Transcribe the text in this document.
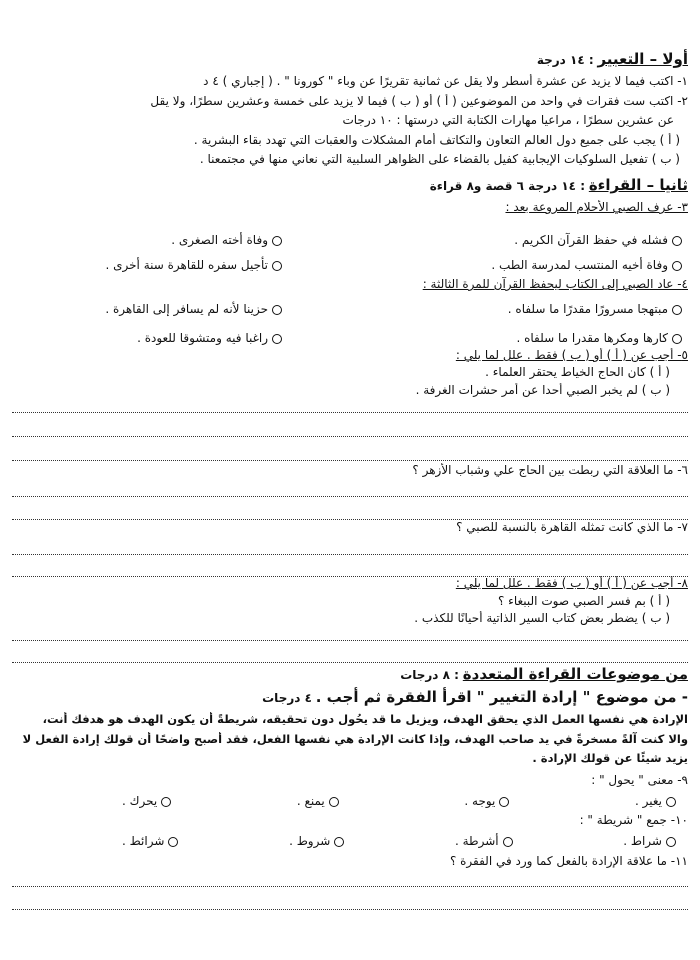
أولا – التعبير : ١٤ درجة
١- اكتب فيما لا يزيد عن عشرة أسطر ولا يقل عن ثمانية تقريرًا عن وباء " كورونا " . ( إجباري ) ٤ د
٢- اكتب ست فقرات في واحد من الموضوعين ( أ ) أو ( ب ) فيما لا يزيد على خمسة وعشرين سطرًا، ولا يقل
عن عشرين سطرًا ، مراعيا مهارات الكتابة التي درستها : ١٠ درجات
( أ ) يجب على جميع دول العالم التعاون والتكاتف أمام المشكلات والعقبات التي تهدد بقاء البشرية .
( ب ) تفعيل السلوكيات الإيجابية كفيل بالقضاء على الظواهر السلبية التي نعاني منها في مجتمعنا .
ثانيا – القراءة : ١٤ درجة ٦ قصة و٨ قراءة
٣- عرف الصبي الأحلام المروعة بعد :
فشله في حفظ القرآن الكريم .
وفاة أخته الصغرى .
وفاة أخيه المنتسب لمدرسة الطب .
تأجيل سفره للقاهرة سنة أخرى .
٤- عاد الصبي إلى الكتاب ليحفظ القرآن للمرة الثالثة :
مبتهجا مسرورًا مقدرًا ما سلفاه .
حزينا لأنه لم يسافر إلى القاهرة .
كارها ومكرها مقدرا ما سلفاه .
راغبا فيه ومتشوقا للعودة .
٥- أجب عن ( أ ) أو ( ب ) فقط . علل لما يلي :
( أ ) كان الحاج الخياط يحتقر العلماء .
( ب ) لم يخبر الصبي أحدا عن أمر حشرات الغرفة .
٦- ما العلاقة التي ربطت بين الحاج علي وشباب الأزهر ؟
٧- ما الذي كانت تمثله القاهرة بالنسبة للصبي ؟
٨- أجب عن ( أ ) أو ( ب ) فقط . علل لما يلي :
( أ ) بم فسر الصبي صوت الببغاء ؟
( ب ) يضطر بعض كتاب السير الذاتية أحيانًا للكذب .
من موضوعات القراءة المتعددة : ٨ درجات
- من موضوع " إرادة التغيير " اقرأ الفقرة ثم أجب . ٤ درجات
الإرادة هي نفسها العمل الذي يحقق الهدف، ويزيل ما قد يحُول دون تحقيقه، شريطةً أن يكون الهدف هو هدفك أنت،
والا كنت آلةً مسخرةً في يد صاحب الهدف، وإذا كانت الإرادة هي نفسها الفعل، فقد أصبح واضحًا أن قولك إرادة الفعل لا
يزيد شيئًا عن قولك الإرادة .
٩- معنى " يحول " :
يغير .
يوجه .
يمنع .
يحرك .
١٠- جمع " شريطة " :
شراط .
أشرطة .
شروط .
شرائط .
١١- ما علاقة الإرادة بالفعل كما ورد في الفقرة ؟
